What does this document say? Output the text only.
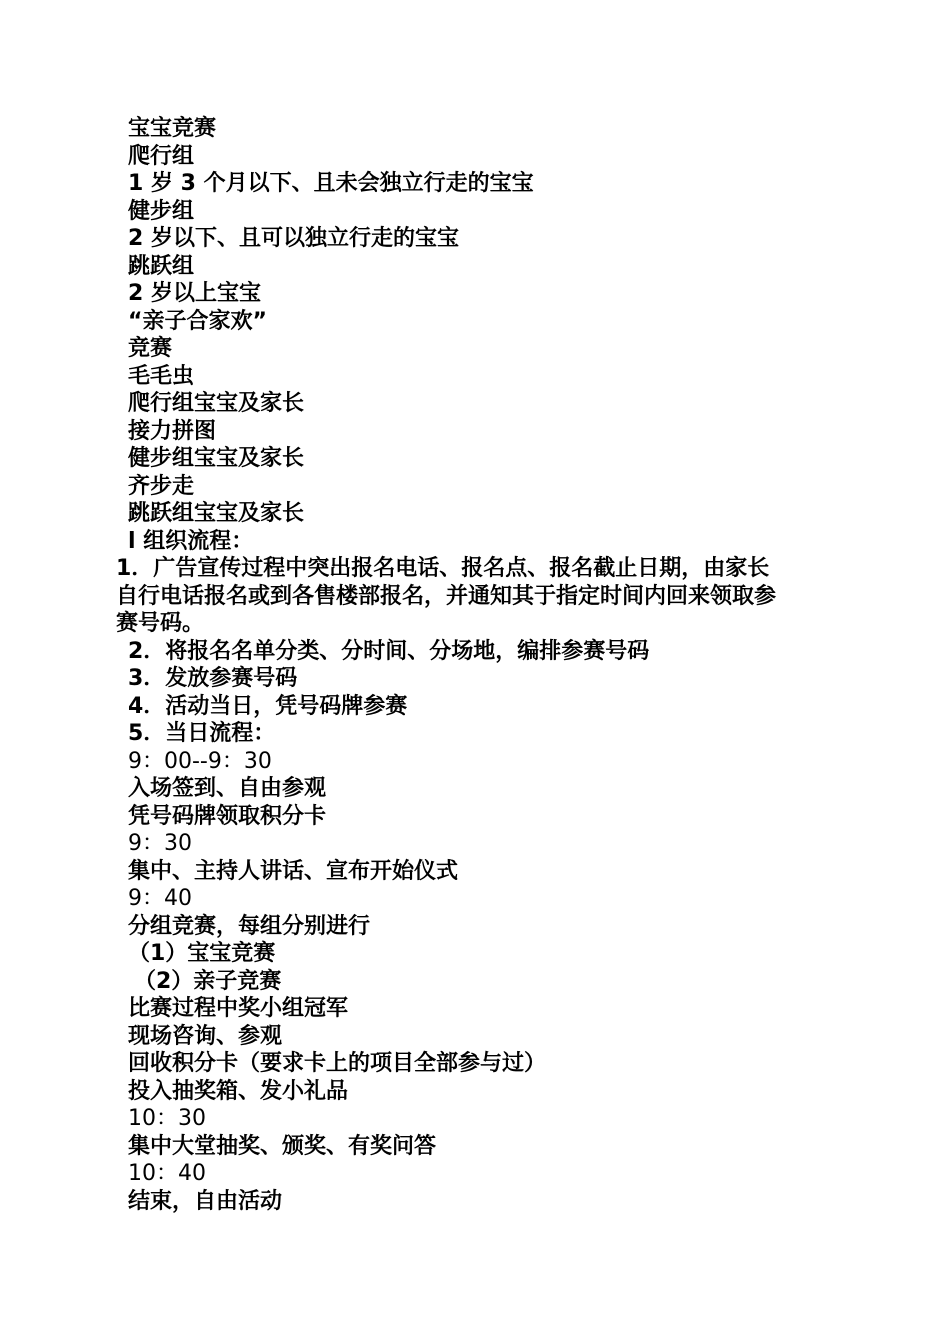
宝宝竞赛
爬行组
1 岁 3 个月以下、且未会独立行走的宝宝
健步组
2 岁以下、且可以独立行走的宝宝
跳跃组
2 岁以上宝宝
“亲子合家欢”
竞赛
毛毛虫
爬行组宝宝及家长
接力拼图
健步组宝宝及家长
齐步走
跳跃组宝宝及家长
l 组织流程：
1．广告宣传过程中突出报名电话、报名点、报名截止日期，由家长
自行电话报名或到各售楼部报名，并通知其于指定时间内回来领取参
赛号码。
2．将报名名单分类、分时间、分场地，编排参赛号码
3．发放参赛号码
4．活动当日，凭号码牌参赛
5．当日流程：
9：00--9：30
入场签到、自由参观
凭号码牌领取积分卡
9：30
集中、主持人讲话、宣布开始仪式
9：40
分组竞赛，每组分别进行
（1）宝宝竞赛
（2）亲子竞赛
比赛过程中奖小组冠军
现场咨询、参观
回收积分卡（要求卡上的项目全部参与过）
投入抽奖箱、发小礼品
10：30
集中大堂抽奖、颁奖、有奖问答
10：40
结束，自由活动
